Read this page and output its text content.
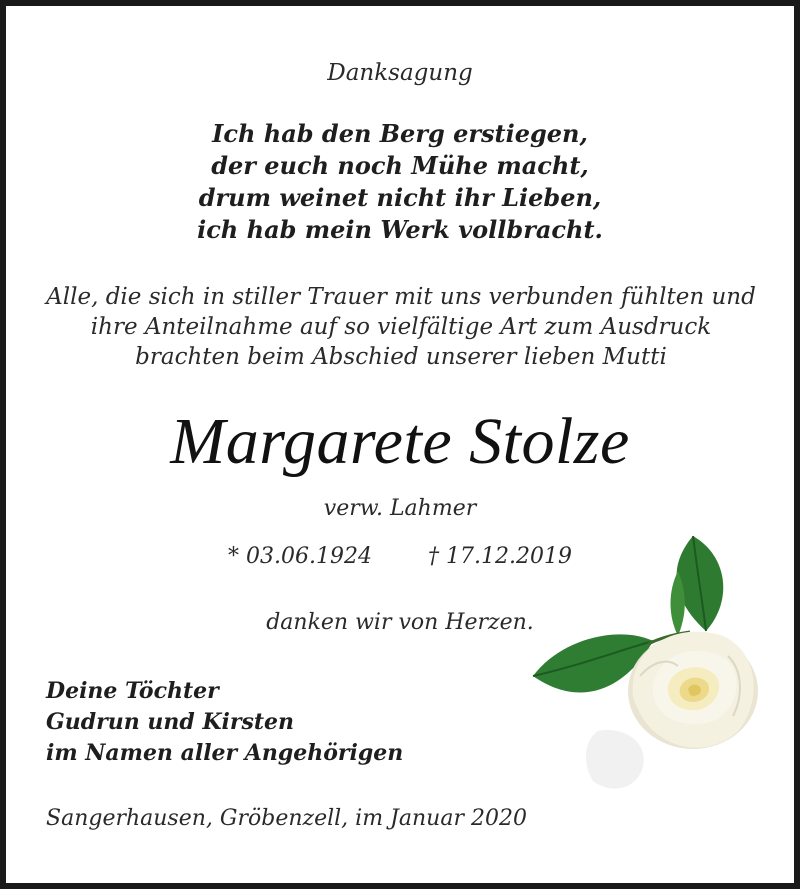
Danksagung
Ich hab den Berg erstiegen,
der euch noch Mühe macht,
drum weinet nicht ihr Lieben,
ich hab mein Werk vollbracht.
Alle, die sich in stiller Trauer mit uns verbunden fühlten und
ihre Anteilnahme auf so vielfältige Art zum Ausdruck
brachten beim Abschied unserer lieben Mutti
Margarete Stolze
verw. Lahmer
* 03.06.1924	† 17.12.2019
danken wir von Herzen.
Deine Töchter
Gudrun und Kirsten
im Namen aller Angehörigen
Sangerhausen, Gröbenzell, im Januar 2020
